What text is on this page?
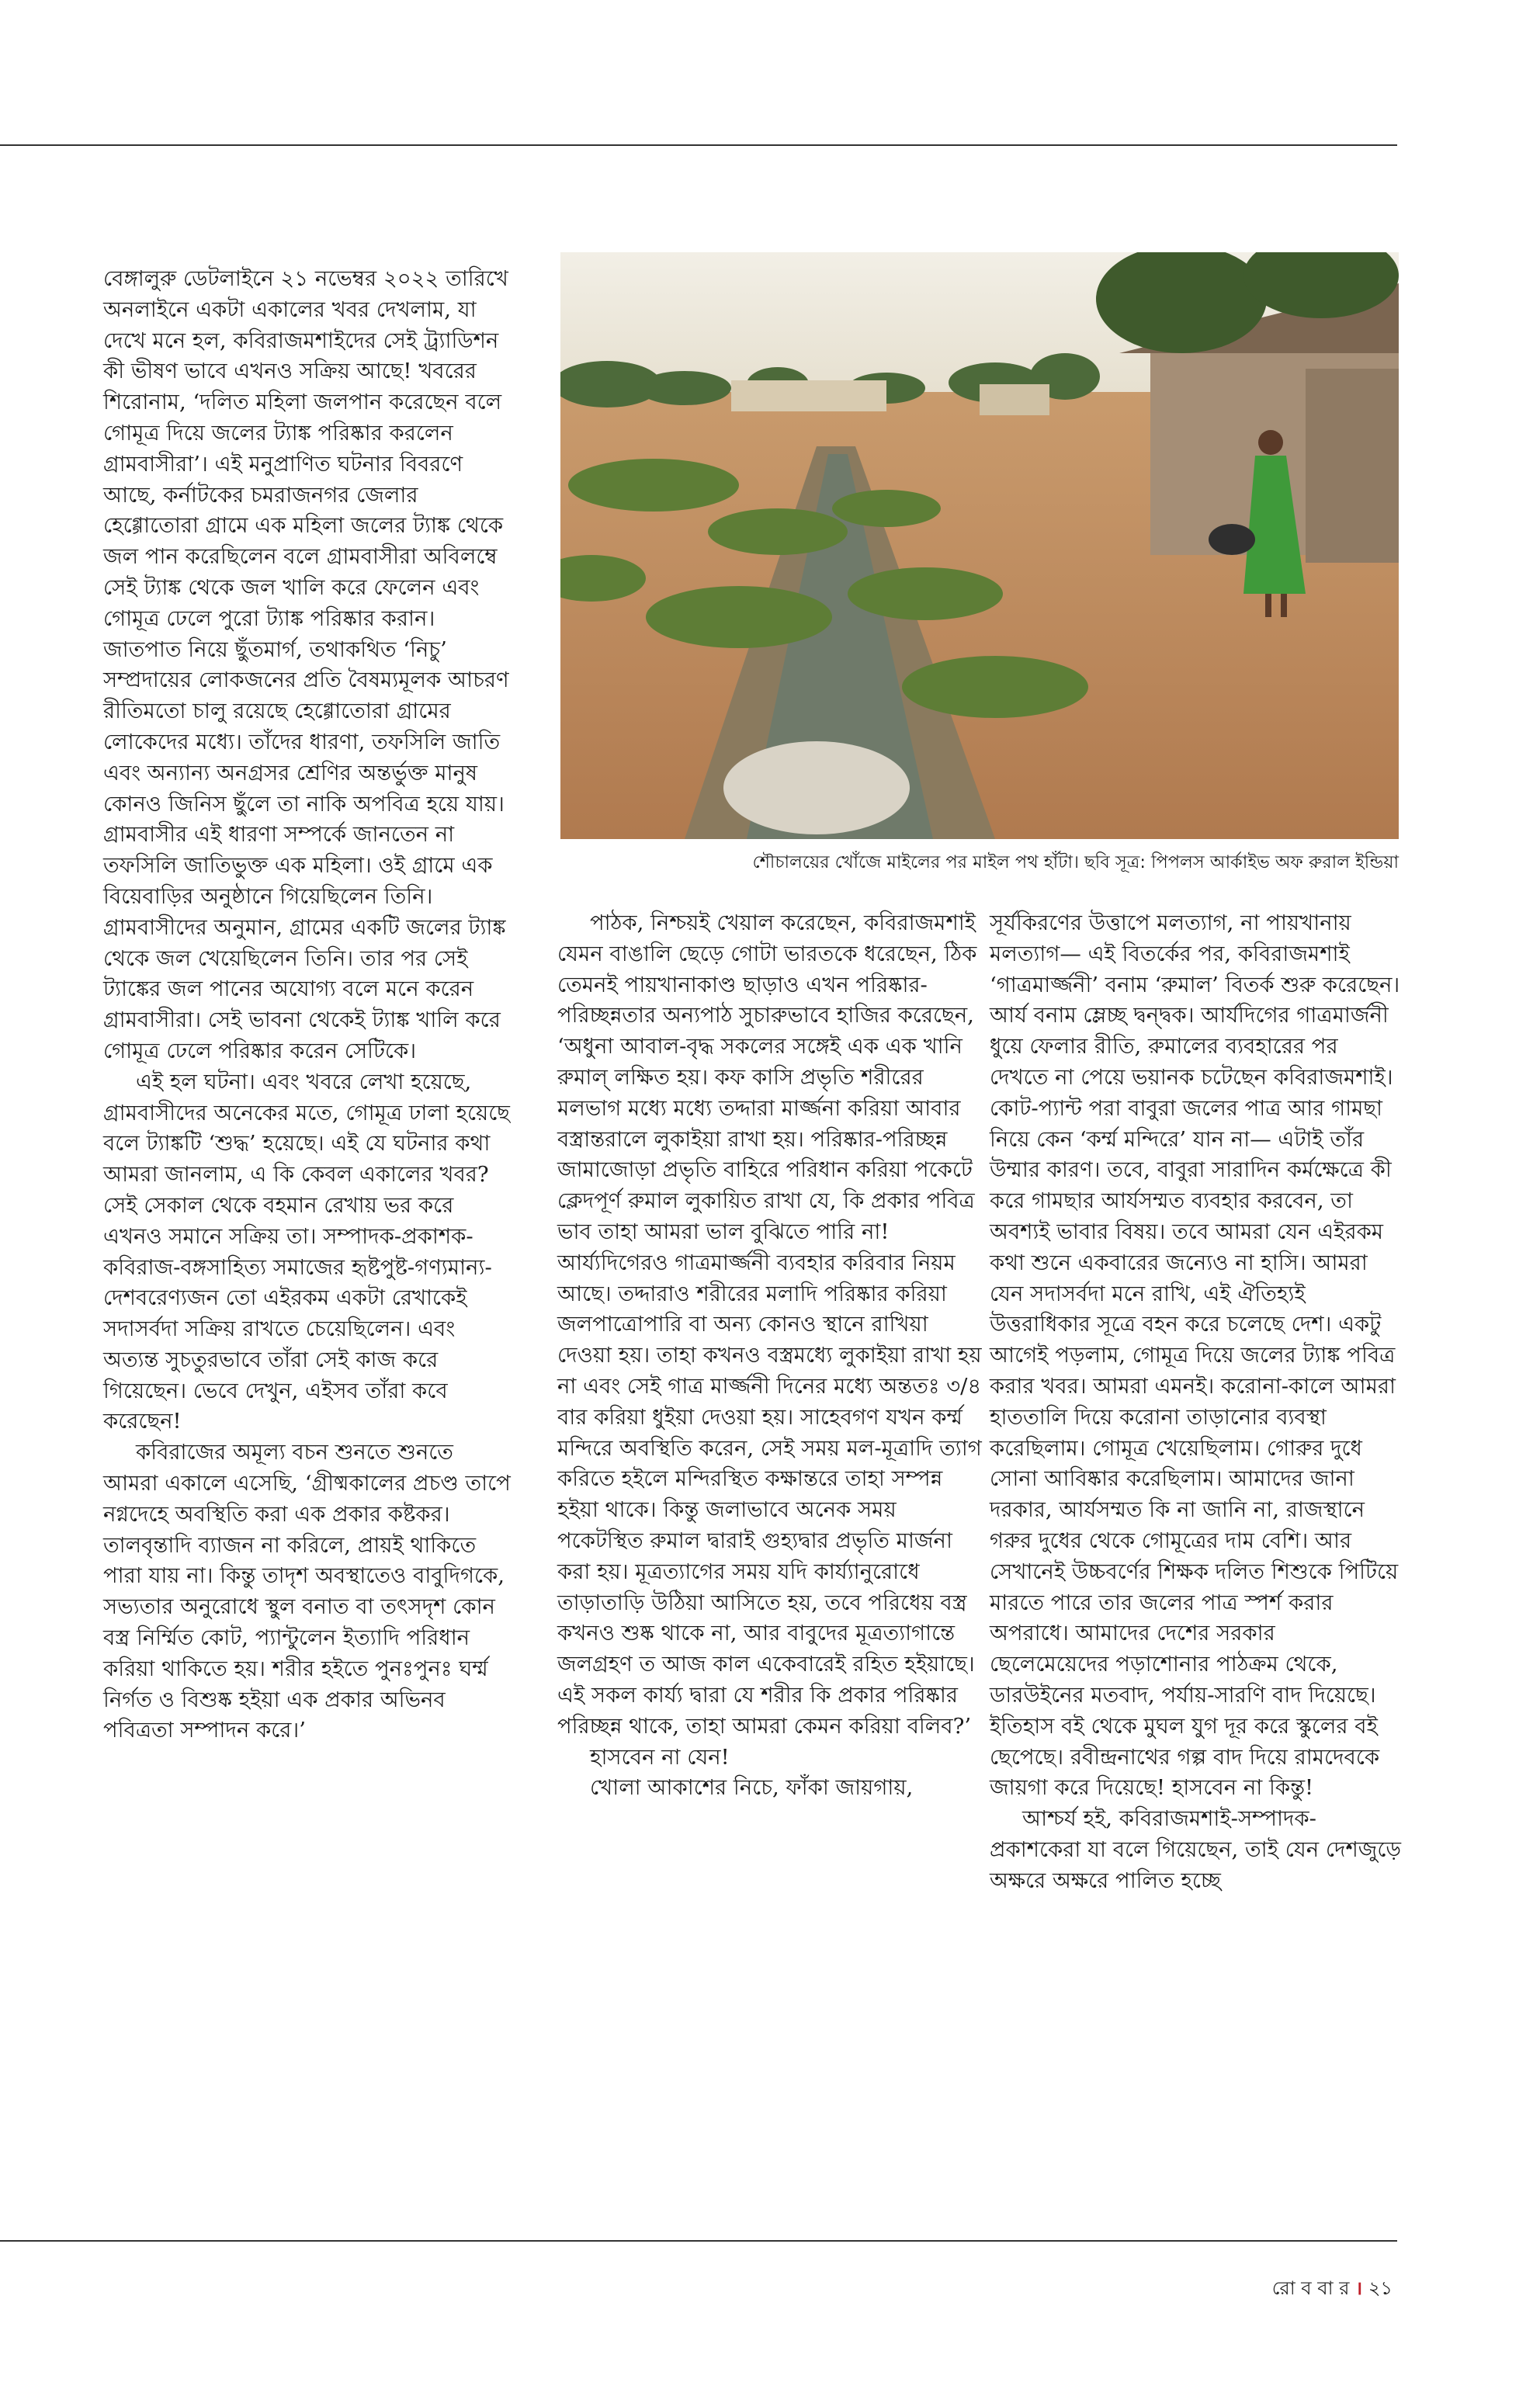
বেঙ্গালুরু ডেটলাইনে ২১ নভেম্বর ২০২২ তারিখে অনলাইনে একটা একালের খবর দেখলাম, যা দেখে মনে হল, কবিরাজমশাইদের সেই ট্র্যাডিশন কী ভীষণ ভাবে এখনও সক্রিয় আছে! খবরের শিরোনাম, ‘দলিত মহিলা জলপান করেছেন বলে গোমূত্র দিয়ে জলের ট্যাঙ্ক পরিষ্কার করলেন গ্রামবাসীরা’। এই মনুপ্রাণিত ঘটনার বিবরণে আছে, কর্নাটকের চমরাজনগর জেলার হেগ্গোতোরা গ্রামে এক মহিলা জলের ট্যাঙ্ক থেকে জল পান করেছিলেন বলে গ্রামবাসীরা অবিলম্বে সেই ট্যাঙ্ক থেকে জল খালি করে ফেলেন এবং গোমূত্র ঢেলে পুরো ট্যাঙ্ক পরিষ্কার করান। জাতপাত নিয়ে ছুঁতমার্গ, তথাকথিত ‘নিচু’ সম্প্রদায়ের লোকজনের প্রতি বৈষম্যমূলক আচরণ রীতিমতো চালু রয়েছে হেগ্গোতোরা গ্রামের লোকেদের মধ্যে। তাঁদের ধারণা, তফসিলি জাতি এবং অন্যান্য অনগ্রসর শ্রেণির অন্তর্ভুক্ত মানুষ কোনও জিনিস ছুঁলে তা নাকি অপবিত্র হয়ে যায়। গ্রামবাসীর এই ধারণা সম্পর্কে জানতেন না তফসিলি জাতিভুক্ত এক মহিলা। ওই গ্রামে এক বিয়েবাড়ির অনুষ্ঠানে গিয়েছিলেন তিনি। গ্রামবাসীদের অনুমান, গ্রামের একটি জলের ট্যাঙ্ক থেকে জল খেয়েছিলেন তিনি। তার পর সেই ট্যাঙ্কের জল পানের অযোগ্য বলে মনে করেন গ্রামবাসীরা। সেই ভাবনা থেকেই ট্যাঙ্ক খালি করে গোমূত্র ঢেলে পরিষ্কার করেন সেটিকে।

এই হল ঘটনা। এবং খবরে লেখা হয়েছে, গ্রামবাসীদের অনেকের মতে, গোমূত্র ঢালা হয়েছে বলে ট্যাঙ্কটি ‘শুদ্ধ’ হয়েছে। এই যে ঘটনার কথা আমরা জানলাম, এ কি কেবল একালের খবর? সেই সেকাল থেকে বহমান রেখায় ভর করে এখনও সমানে সক্রিয় তা। সম্পাদক-প্রকাশক-কবিরাজ-বঙ্গসাহিত্য সমাজের হৃষ্টপুষ্ট-গণ্যমান্য-দেশবরেণ্যজন তো এইরকম একটা রেখাকেই সদাসর্বদা সক্রিয় রাখতে চেয়েছিলেন। এবং অত্যন্ত সুচতুরভাবে তাঁরা সেই কাজ করে গিয়েছেন। ভেবে দেখুন, এইসব তাঁরা কবে করেছেন!

কবিরাজের অমূল্য বচন শুনতে শুনতে আমরা একালে এসেছি, ‘গ্রীষ্মকালের প্রচণ্ড তাপে নগ্নদেহে অবস্থিতি করা এক প্রকার কষ্টকর। তালবৃন্তাদি ব্যাজন না করিলে, প্রায়ই থাকিতে পারা যায় না। কিন্তু তাদৃশ অবস্থাতেও বাবুদিগকে, সভ্যতার অনুরোধে স্থুল বনাত বা তৎসদৃশ কোন বস্ত্র নির্ম্মিত কোট, প্যান্টুলেন ইত্যাদি পরিধান করিয়া থাকিতে হয়। শরীর হইতে পুনঃপুনঃ ঘর্ম্ম নির্গত ও বিশুষ্ক হইয়া এক প্রকার অভিনব পবিত্রতা সম্পাদন করে।’

শৌচালয়ের খোঁজে মাইলের পর মাইল পথ হাঁটা। ছবি সূত্র: পিপলস আর্কাইভ অফ রুরাল ইন্ডিয়া

পাঠক, নিশ্চয়ই খেয়াল করেছেন, কবিরাজমশাই যেমন বাঙালি ছেড়ে গোটা ভারতকে ধরেছেন, ঠিক তেমনই পায়খানাকাণ্ড ছাড়াও এখন পরিষ্কার-পরিচ্ছন্নতার অন্যপাঠ সুচারুভাবে হাজির করেছেন, ‘অধুনা আবাল-বৃদ্ধ সকলের সঙ্গেই এক এক খানি রুমাল্ লক্ষিত হয়। কফ কাসি প্রভৃতি শরীরের মলভাগ মধ্যে মধ্যে তদ্দারা মার্জ্জনা করিয়া আবার বস্ত্রান্তরালে লুকাইয়া রাখা হয়। পরিষ্কার-পরিচ্ছন্ন জামাজোড়া প্রভৃতি বাহিরে পরিধান করিয়া পকেটে ক্লেদপূর্ণ রুমাল লুকায়িত রাখা যে, কি প্রকার পবিত্র ভাব তাহা আমরা ভাল বুঝিতে পারি না! আর্য্যদিগেরও গাত্রমার্জ্জনী ব্যবহার করিবার নিয়ম আছে। তদ্দারাও শরীরের মলাদি পরিষ্কার করিয়া জলপাত্রোপারি বা অন্য কোনও স্থানে রাখিয়া দেওয়া হয়। তাহা কখনও বস্ত্রমধ্যে লুকাইয়া রাখা হয় না এবং সেই গাত্র মার্জ্জনী দিনের মধ্যে অন্ততঃ ৩/৪ বার করিয়া ধুইয়া দেওয়া হয়। সাহেবগণ যখন কর্ম্ম মন্দিরে অবস্থিতি করেন, সেই সময় মল-মূত্রাদি ত্যাগ করিতে হইলে মন্দিরস্থিত কক্ষান্তরে তাহা সম্পন্ন হইয়া থাকে। কিন্তু জলাভাবে অনেক সময় পকেটস্থিত রুমাল দ্বারাই গুহ্যদ্বার প্রভৃতি মার্জনা করা হয়। মূত্রত্যাগের সময় যদি কার্য্যানুরোধে তাড়াতাড়ি উঠিয়া আসিতে হয়, তবে পরিধেয় বস্ত্র কখনও শুষ্ক থাকে না, আর বাবুদের মূত্রত্যাগান্তে জলগ্রহণ ত আজ কাল একেবারেই রহিত হইয়াছে। এই সকল কার্য্য দ্বারা যে শরীর কি প্রকার পরিষ্কার পরিচ্ছন্ন থাকে, তাহা আমরা কেমন করিয়া বলিব?’

হাসবেন না যেন!

খোলা আকাশের নিচে, ফাঁকা জায়গায়,

সূর্যকিরণের উত্তাপে মলত্যাগ, না পায়খানায় মলত্যাগ— এই বিতর্কের পর, কবিরাজমশাই ‘গাত্রমার্জ্জনী’ বনাম ‘রুমাল’ বিতর্ক শুরু করেছেন। আর্য বনাম ম্লেচ্ছ দ্বন্দ্বক। আর্যদিগের গাত্রমার্জনী ধুয়ে ফেলার রীতি, রুমালের ব্যবহারের পর দেখতে না পেয়ে ভয়ানক চটেছেন কবিরাজমশাই। কোট-প্যান্ট পরা বাবুরা জলের পাত্র আর গামছা নিয়ে কেন ‘কর্ম্ম মন্দিরে’ যান না— এটাই তাঁর উম্মার কারণ। তবে, বাবুরা সারাদিন কর্মক্ষেত্রে কী করে গামছার আর্যসম্মত ব্যবহার করবেন, তা অবশ্যই ভাবার বিষয়। তবে আমরা যেন এইরকম কথা শুনে একবারের জন্যেও না হাসি। আমরা যেন সদাসর্বদা মনে রাখি, এই ঐতিহ্যই উত্তরাধিকার সূত্রে বহন করে চলেছে দেশ। একটু আগেই পড়লাম, গোমূত্র দিয়ে জলের ট্যাঙ্ক পবিত্র করার খবর। আমরা এমনই। করোনা-কালে আমরা হাততালি দিয়ে করোনা তাড়ানোর ব্যবস্থা করেছিলাম। গোমূত্র খেয়েছিলাম। গোরুর দুধে সোনা আবিষ্কার করেছিলাম। আমাদের জানা দরকার, আর্যসম্মত কি না জানি না, রাজস্থানে গরুর দুধের থেকে গোমূত্রের দাম বেশি। আর সেখানেই উচ্চবর্ণের শিক্ষক দলিত শিশুকে পিটিয়ে মারতে পারে তার জলের পাত্র স্পর্শ করার অপরাধে। আমাদের দেশের সরকার ছেলেমেয়েদের পড়াশোনার পাঠক্রম থেকে, ডারউইনের মতবাদ, পর্যায়-সারণি বাদ দিয়েছে। ইতিহাস বই থেকে মুঘল যুগ দূর করে স্কুলের বই ছেপেছে। রবীন্দ্রনাথের গল্প বাদ দিয়ে রামদেবকে জায়গা করে দিয়েছে! হাসবেন না কিন্তু!

আশ্চর্য হই, কবিরাজমশাই-সম্পাদক-প্রকাশকেরা যা বলে গিয়েছেন, তাই যেন দেশজুড়ে অক্ষরে অক্ষরে পালিত হচ্ছে

রো ব বা র । ২১
